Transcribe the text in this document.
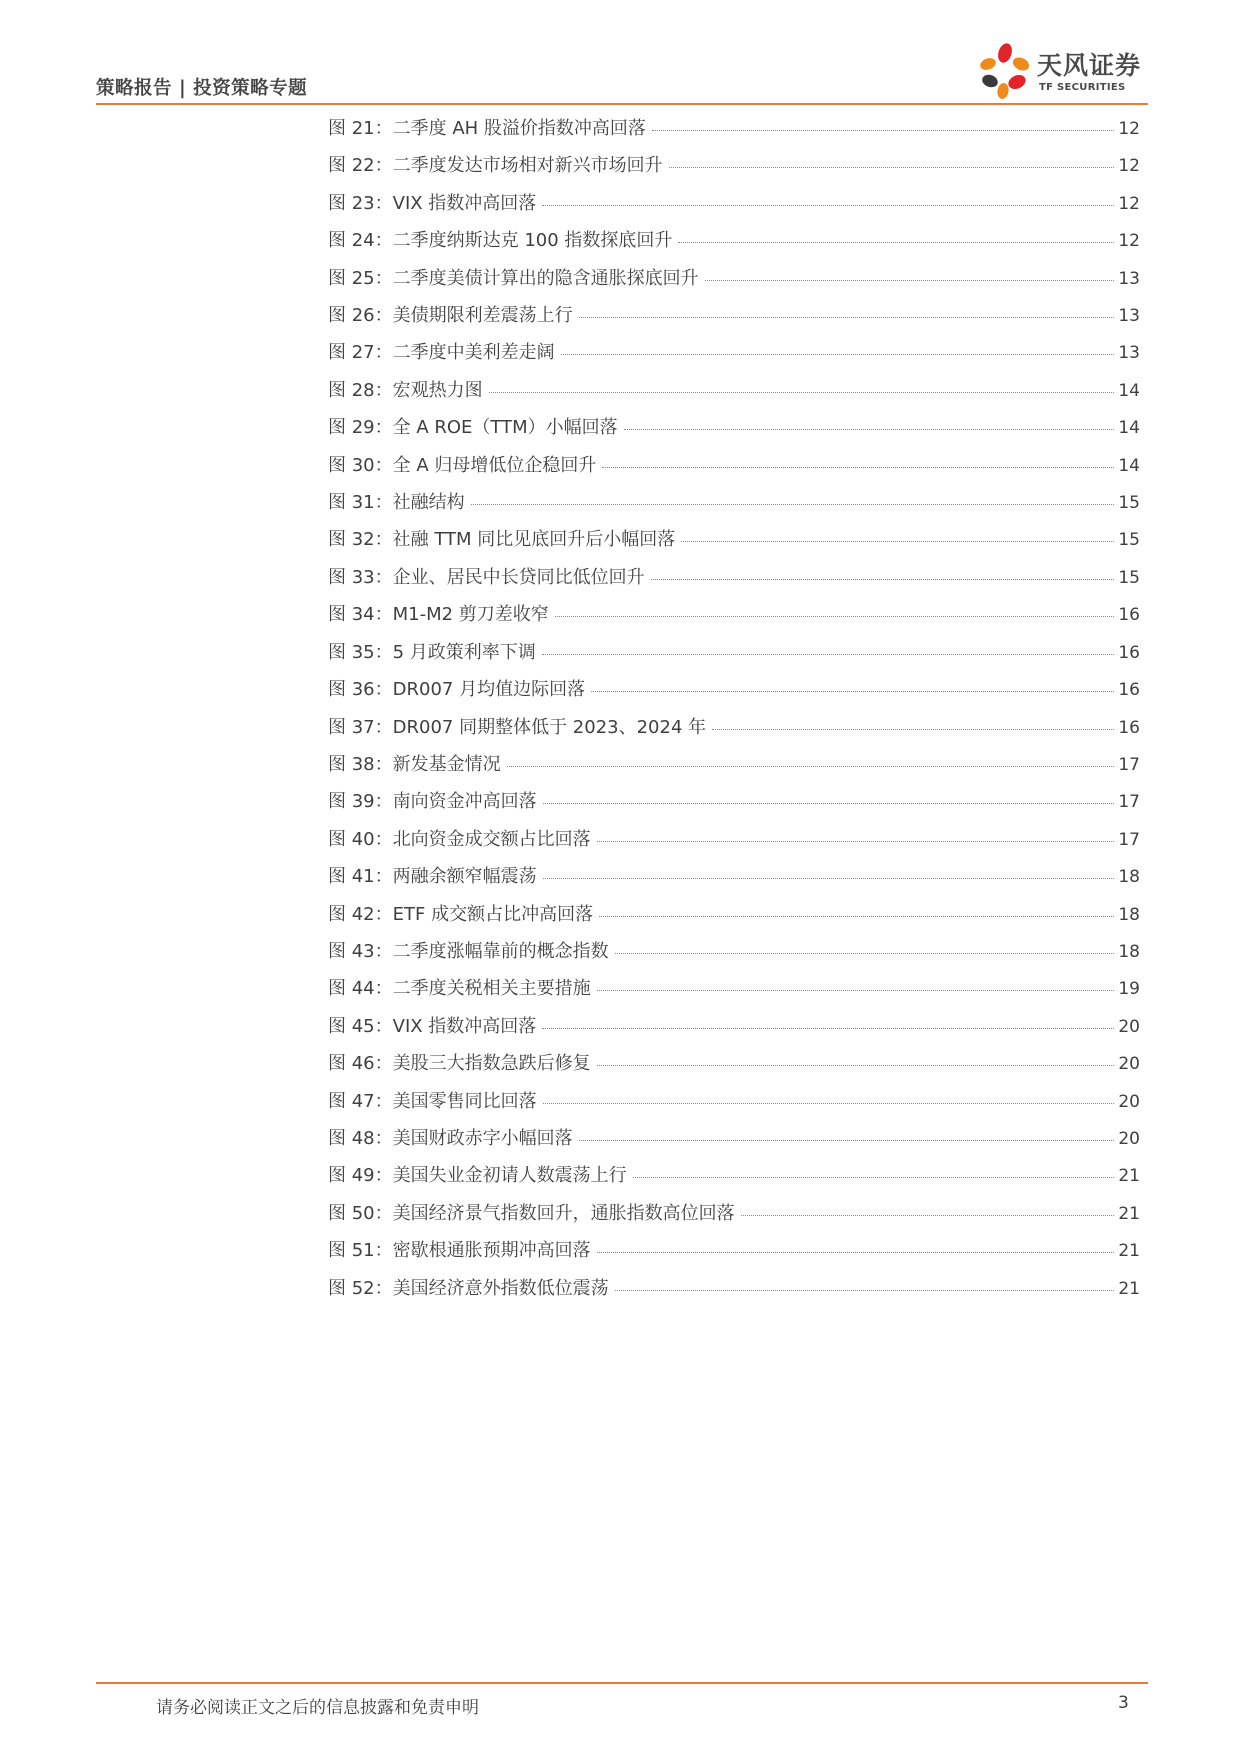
策略报告 | 投资策略专题
天风证券
TF SECURITIES
图 21：二季度 AH 股溢价指数冲高回落	12
图 22：二季度发达市场相对新兴市场回升	12
图 23：VIX 指数冲高回落	12
图 24：二季度纳斯达克 100 指数探底回升	12
图 25：二季度美债计算出的隐含通胀探底回升	13
图 26：美债期限利差震荡上行	13
图 27：二季度中美利差走阔	13
图 28：宏观热力图	14
图 29：全 A ROE（TTM）小幅回落	14
图 30：全 A 归母增低位企稳回升	14
图 31：社融结构	15
图 32：社融 TTM 同比见底回升后小幅回落	15
图 33：企业、居民中长贷同比低位回升	15
图 34：M1-M2 剪刀差收窄	16
图 35：5 月政策利率下调	16
图 36：DR007 月均值边际回落	16
图 37：DR007 同期整体低于 2023、2024 年	16
图 38：新发基金情况	17
图 39：南向资金冲高回落	17
图 40：北向资金成交额占比回落	17
图 41：两融余额窄幅震荡	18
图 42：ETF 成交额占比冲高回落	18
图 43：二季度涨幅靠前的概念指数	18
图 44：二季度关税相关主要措施	19
图 45：VIX 指数冲高回落	20
图 46：美股三大指数急跌后修复	20
图 47：美国零售同比回落	20
图 48：美国财政赤字小幅回落	20
图 49：美国失业金初请人数震荡上行	21
图 50：美国经济景气指数回升，通胀指数高位回落	21
图 51：密歇根通胀预期冲高回落	21
图 52：美国经济意外指数低位震荡	21
请务必阅读正文之后的信息披露和免责申明	3
